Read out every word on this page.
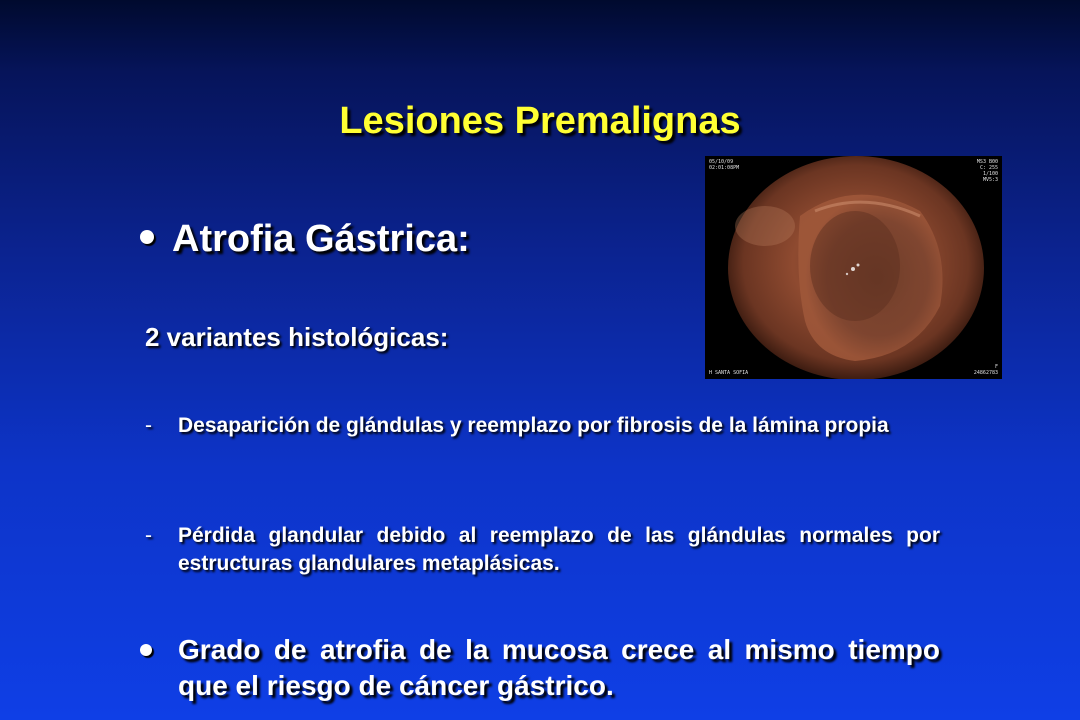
Lesiones Premalignas
Atrofia Gástrica:
2 variantes histológicas:
- Desaparición de glándulas y reemplazo por fibrosis de la lámina propia
- Pérdida glandular debido al reemplazo de las glándulas normales por estructuras glandulares metaplásicas.
Grado de atrofia de la mucosa crece al mismo tiempo que el riesgo de cáncer gástrico.
05/10/09
02:01:08PM
MS3 B00
C: 255
1/100
MV5:3
H SANTA SOFIA
F
24862783
